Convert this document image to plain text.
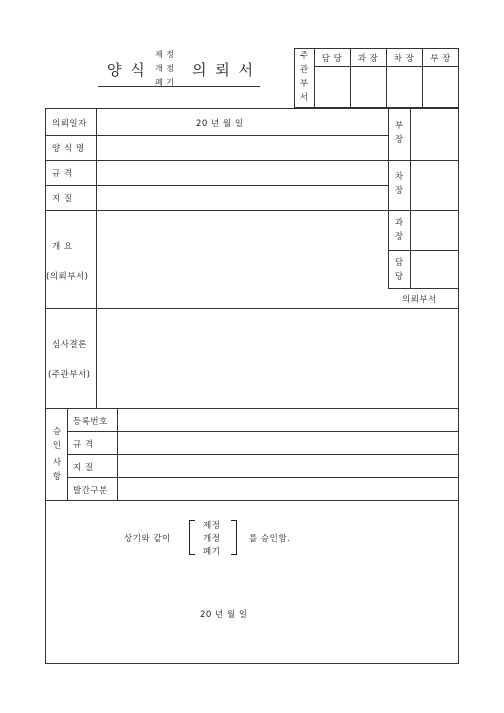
양 식
제 정
개 정
폐 기
의 뢰 서
주
관
부
서
담 당	과 장	차 장	부 장
의뢰일자	20 년 월 일
양 식 명
규 격
지 질
개 요
(의뢰부서)
부
장
차
장
과
장
담
당
의뢰부서
심사결론
(주관부서)
승
인
사
항
등록번호
규 격
지 질
발간구분
상기와 같이
제정
개정
폐기
를 승인함.
20 년 월 일
